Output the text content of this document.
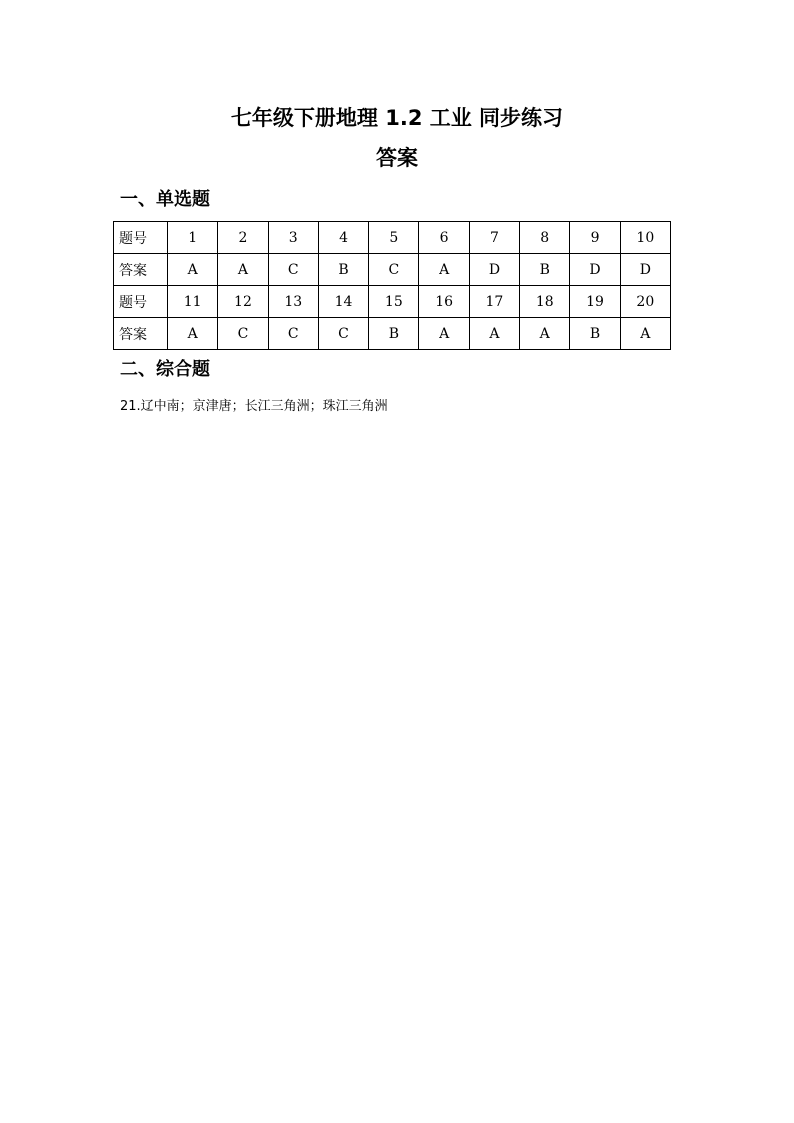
七年级下册地理 1.2 工业 同步练习
答案
一、单选题
题号	1	2	3	4	5	6	7	8	9	10
答案	A	A	C	B	C	A	D	B	D	D
题号	11	12	13	14	15	16	17	18	19	20
答案	A	C	C	C	B	A	A	A	B	A
二、综合题

21.辽中南；京津唐；长江三角洲；珠江三角洲
